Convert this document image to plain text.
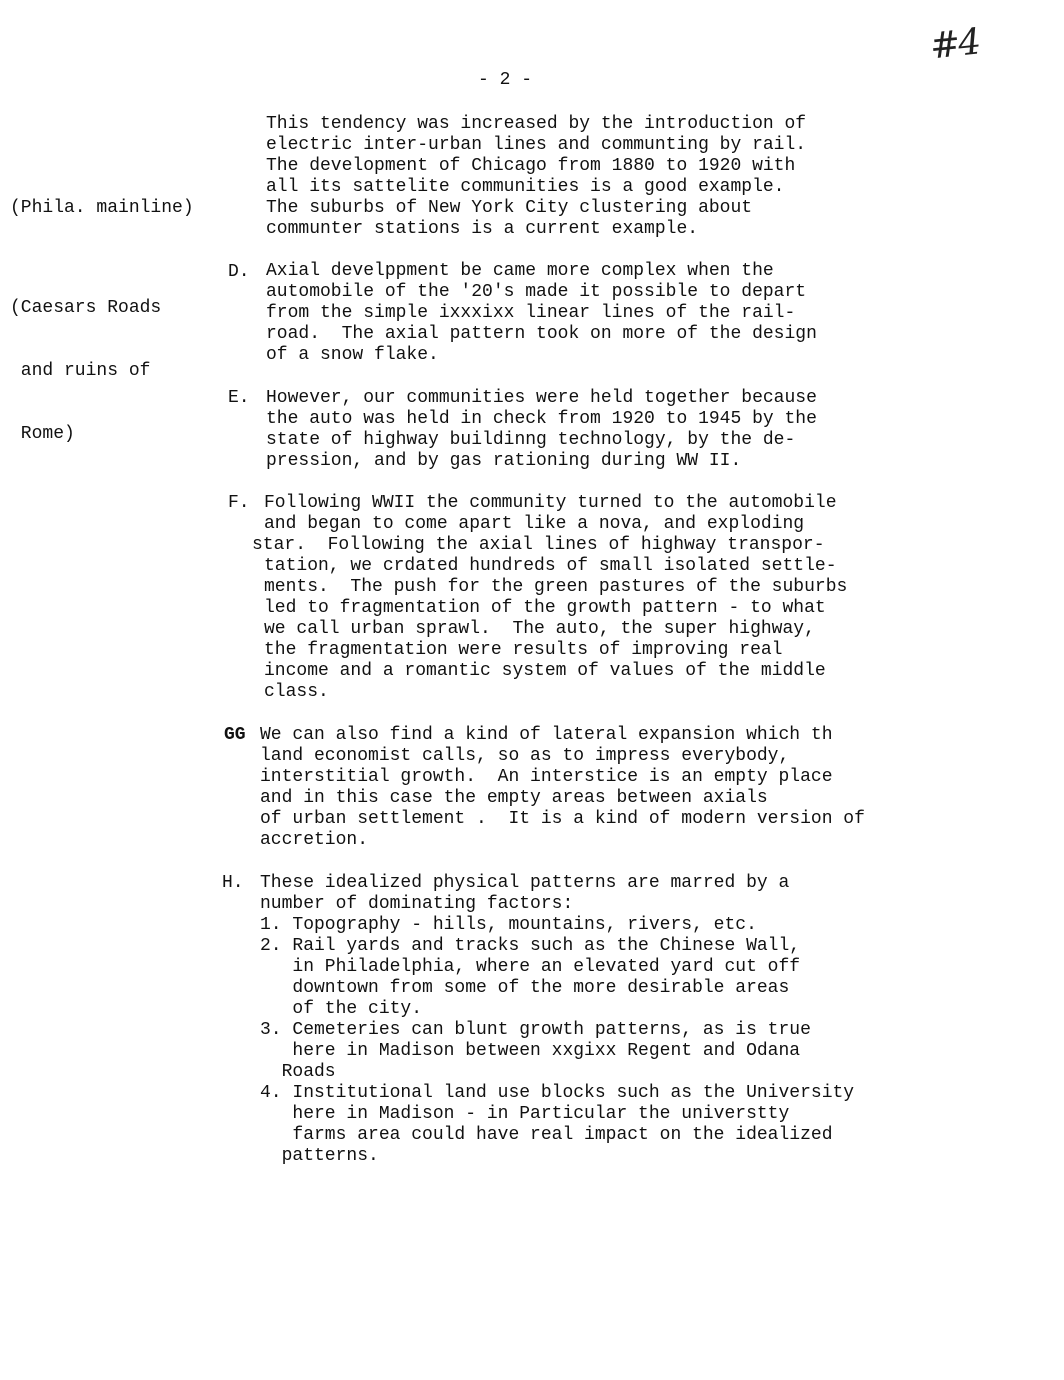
#4
- 2 -

(Phila. mainline)

(Caesars Roads

and ruins of

Rome)

This tendency was increased by the introduction of
electric inter-urban lines and communting by rail.
The development of Chicago from 1880 to 1920 with
all its sattelite communities is a good example.
The suburbs of New York City clustering about
communter stations is a current example.
D. Axial develppment be came more complex when the
automobile of the '20's made it possible to depart
from the simple ixxxixx linear lines of the rail-
road.  The axial pattern took on more of the design
of a snow flake.
E. However, our communities were held together because
the auto was held in check from 1920 to 1945 by the
state of highway buildinng technology, by the de-
pression, and by gas rationing during WW II.
F. Following WWII the community turned to the automobile
and began to come apart like a nova, and exploding
star.  Following the axial lines of highway transpor-
tation, we crdated hundreds of small isolated settle-
ments.  The push for the green pastures of the suburbs
led to fragmentation of the growth pattern - to what
we call urban sprawl.  The auto, the super highway,
the fragmentation were results of improving real
income and a romantic system of values of the middle
class.
GG We can also find a kind of lateral expansion which th
land economist calls, so as to impress everybody,
interstitial growth.  An interstice is an empty place
and in this case the empty areas between axials
of urban settlement .  It is a kind of modern version of
accretion.
H. These idealized physical patterns are marred by a
number of dominating factors:
1. Topography - hills, mountains, rivers, etc.
2. Rail yards and tracks such as the Chinese Wall,
in Philadelphia, where an elevated yard cut off
downtown from some of the more desirable areas
of the city.
3. Cemeteries can blunt growth patterns, as is true
here in Madison between xxgixx Regent and Odana
Roads
4. Institutional land use blocks such as the University
here in Madison - in Particular the universtty
farms area could have real impact on the idealized
patterns.
